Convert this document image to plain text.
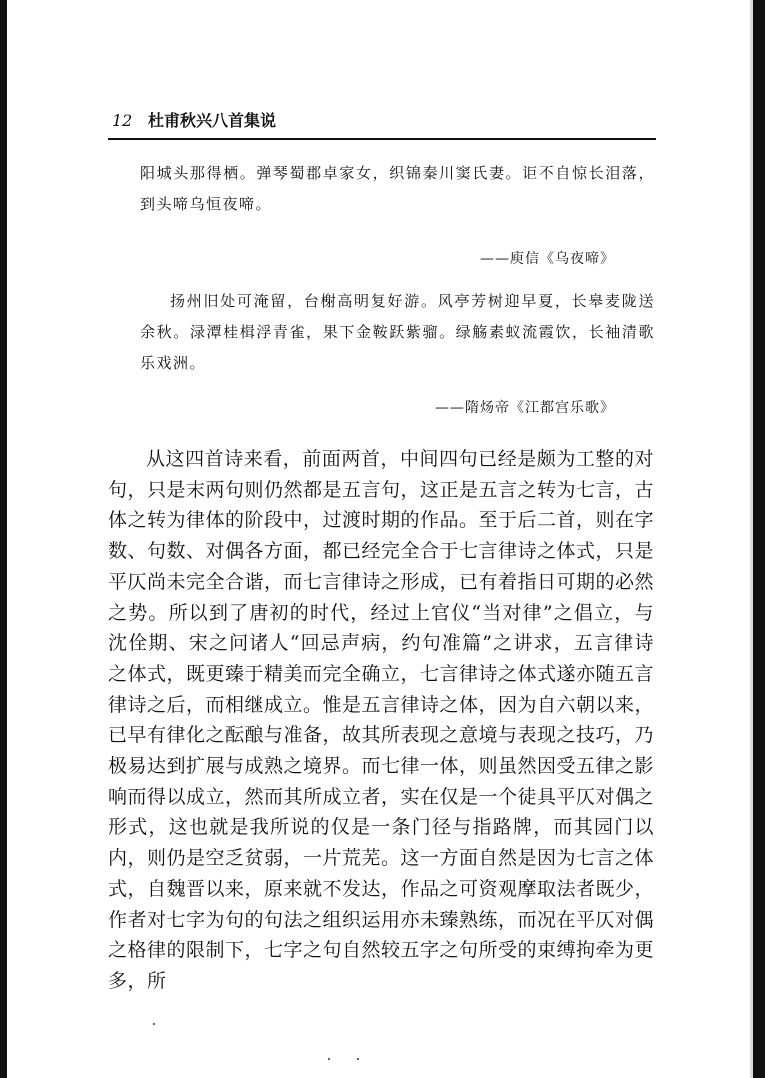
12 杜甫秋兴八首集说
阳城头那得栖。弹琴蜀郡卓家女，织锦秦川窦氏妻。讵不自惊长泪落，到头啼乌恒夜啼。
——庾信《乌夜啼》
扬州旧处可淹留，台榭高明复好游。风亭芳树迎早夏，长皋麦陇送余秋。渌潭桂楫浮青雀，果下金鞍跃紫骝。绿觞素蚁流霞饮，长袖清歌乐戏洲。
——隋炀帝《江都宫乐歌》
从这四首诗来看，前面两首，中间四句已经是颇为工整的对句，只是末两句则仍然都是五言句，这正是五言之转为七言，古体之转为律体的阶段中，过渡时期的作品。至于后二首，则在字数、句数、对偶各方面，都已经完全合于七言律诗之体式，只是平仄尚未完全合谐，而七言律诗之形成，已有着指日可期的必然之势。所以到了唐初的时代，经过上官仪“当对律”之倡立，与沈佺期、宋之问诸人“回忌声病，约句准篇”之讲求，五言律诗之体式，既更臻于精美而完全确立，七言律诗之体式遂亦随五言律诗之后，而相继成立。惟是五言律诗之体，因为自六朝以来，已早有律化之酝酿与准备，故其所表现之意境与表现之技巧，乃极易达到扩展与成熟之境界。而七律一体，则虽然因受五律之影响而得以成立，然而其所成立者，实在仅是一个徒具平仄对偶之形式，这也就是我所说的仅是一条门径与指路牌，而其园门以内，则仍是空乏贫弱，一片荒芜。这一方面自然是因为七言之体式，自魏晋以来，原来就不发达，作品之可资观摩取法者既少，作者对七字为句的句法之组织运用亦未臻熟练，而况在平仄对偶之格律的限制下，七字之句自然较五字之句所受的束缚拘牵为更多，所
